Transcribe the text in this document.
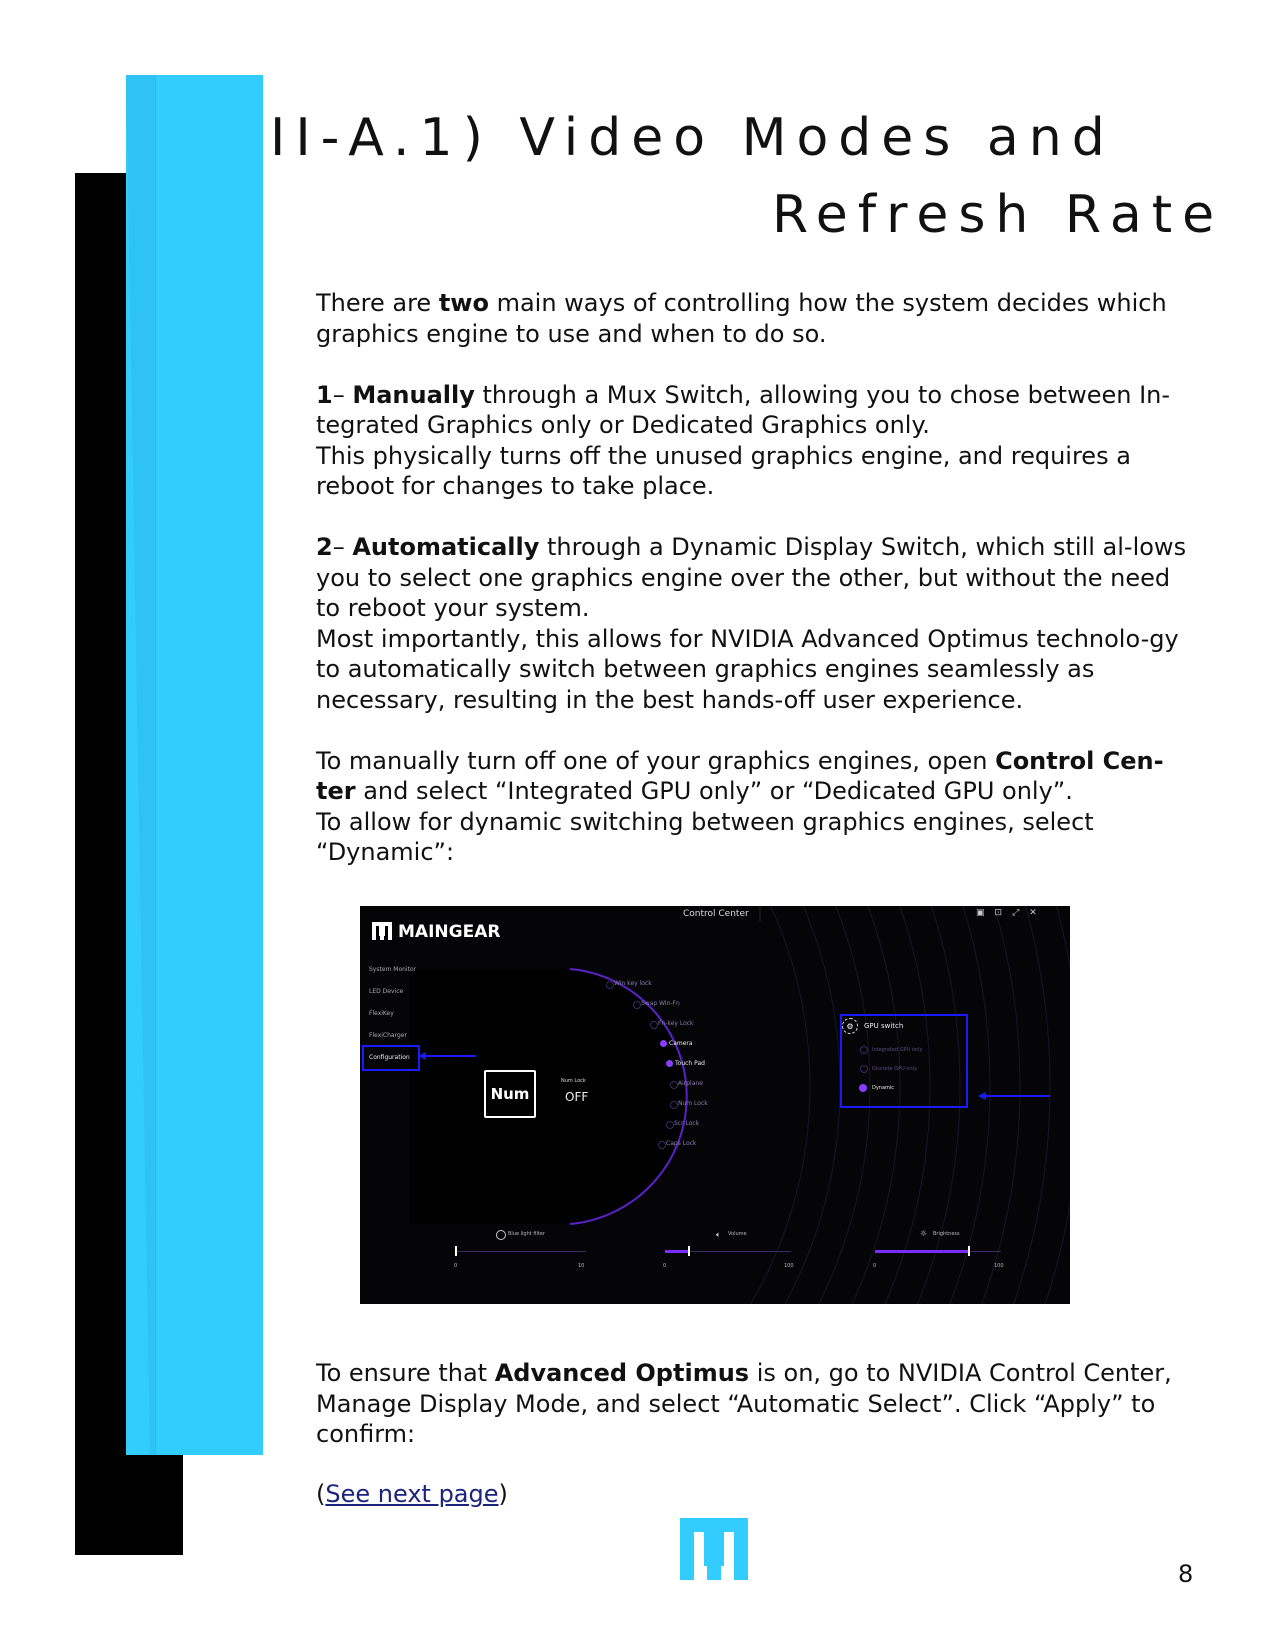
II-A.1) Video Modes and
Refresh Rate

There are two main ways of controlling how the system decides which graphics engine to use and when to do so.

1– Manually through a Mux Switch, allowing you to chose between In-tegrated Graphics only or Dedicated Graphics only.
This physically turns off the unused graphics engine, and requires a reboot for changes to take place.

2– Automatically through a Dynamic Display Switch, which still al-lows you to select one graphics engine over the other, but without the need to reboot your system.
Most importantly, this allows for NVIDIA Advanced Optimus technolo-gy to automatically switch between graphics engines seamlessly as necessary, resulting in the best hands-off user experience.

To manually turn off one of your graphics engines, open Control Cen-ter and select “Integrated GPU only” or “Dedicated GPU only”.
To allow for dynamic switching between graphics engines, select “Dynamic”:

Control Center	▣⊡⤢✕
MAINGEAR
System Monitor
LED Device
FlexiKey
FlexiCharger
Configuration
Num
Num Lock
OFF
Win key lock
Swap Win-Fn
Fn-key Lock
Camera
Touch Pad
Airplane
Num Lock
Scr Lock
Caps Lock
⚙	GPU switch
Integrated GPU only
Discrete GPU only
Dynamic
Blue light filter
0	10
🔈︎ Volume
0	100
☼ Brightness
0	100

To ensure that Advanced Optimus is on, go to NVIDIA Control Center, Manage Display Mode, and select “Automatic Select”. Click “Apply” to confirm:

(See next page)
8
